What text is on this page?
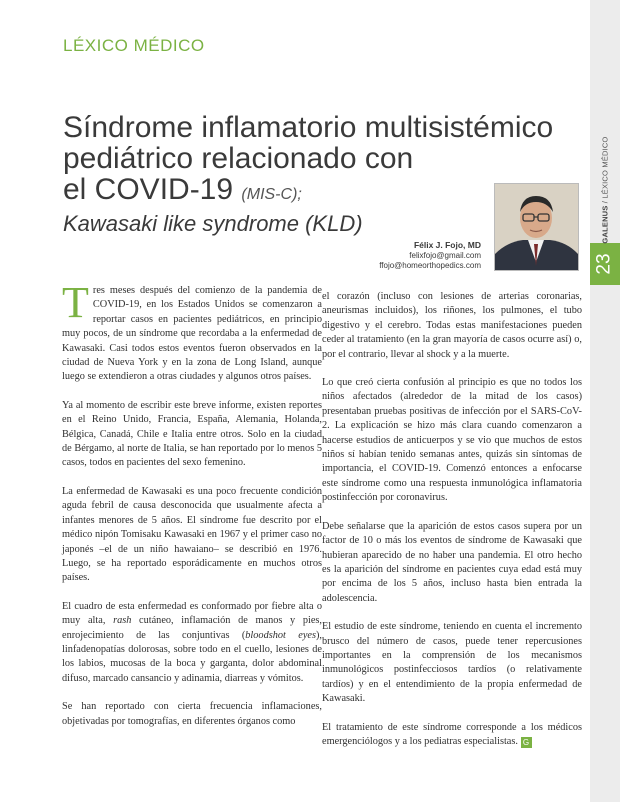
23
GALENUS / LÉXICO MÉDICO
LÉXICO MÉDICO
Síndrome inflamatorio multisistémico
pediátrico relacionado con
el COVID-19 (MIS-C);
Kawasaki like syndrome (KLD)
Félix J. Fojo, MD
felixfojo@gmail.com
ffojo@homeorthopedics.com

Tres meses después del comienzo de la pandemia de COVID-19, en los Estados Unidos se comenzaron a reportar casos en pacientes pediátricos, en principio muy pocos, de un síndrome que recordaba a la enfermedad de Kawasaki. Casi todos estos eventos fueron observados en la ciudad de Nueva York y en la zona de Long Island, aunque luego se extendieron a otras ciudades y algunos otros países.

Ya al momento de escribir este breve informe, existen reportes en el Reino Unido, Francia, España, Alemania, Holanda, Bélgica, Canadá, Chile e Italia entre otros. Solo en la ciudad de Bérgamo, al norte de Italia, se han reportado por lo menos 5 casos, todos en pacientes del sexo femenino.

La enfermedad de Kawasaki es una poco frecuente condición aguda febril de causa desconocida que usualmente afecta a infantes menores de 5 años. El síndrome fue descrito por el médico nipón Tomisaku Kawasaki en 1967 y el primer caso no japonés –el de un niño hawaiano– se describió en 1976. Luego, se ha reportado esporádicamente en muchos otros países.

El cuadro de esta enfermedad es conformado por fiebre alta o muy alta, rash cutáneo, inflamación de manos y pies, enrojecimiento de las conjuntivas (bloodshot eyes), linfadenopatías dolorosas, sobre todo en el cuello, lesiones de los labios, mucosas de la boca y garganta, dolor abdominal difuso, marcado cansancio y adinamia, diarreas y vómitos.

Se han reportado con cierta frecuencia inflamaciones, objetivadas por tomografías, en diferentes órganos como

el corazón (incluso con lesiones de arterias coronarias, aneurismas incluidos), los riñones, los pulmones, el tubo digestivo y el cerebro. Todas estas manifestaciones pueden ceder al tratamiento (en la gran mayoría de casos ocurre así) o, por el contrario, llevar al shock y a la muerte.

Lo que creó cierta confusión al principio es que no todos los niños afectados (alrededor de la mitad de los casos) presentaban pruebas positivas de infección por el SARS-CoV-2. La explicación se hizo más clara cuando comenzaron a hacerse estudios de anticuerpos y se vio que muchos de estos niños sí habían tenido semanas antes, quizás sin síntomas de importancia, el COVID-19. Comenzó entonces a enfocarse este síndrome como una respuesta inmunológica inflamatoria postinfección por coronavirus.

Debe señalarse que la aparición de estos casos supera por un factor de 10 o más los eventos de síndrome de Kawasaki que hubieran aparecido de no haber una pandemia. El otro hecho es la aparición del síndrome en pacientes cuya edad está muy por encima de los 5 años, incluso hasta bien entrada la adolescencia.

El estudio de este síndrome, teniendo en cuenta el incremento brusco del número de casos, puede tener repercusiones importantes en la comprensión de los mecanismos inmunológicos postinfecciosos tardíos (o relativamente tardíos) y en el entendimiento de la propia enfermedad de Kawasaki.

El tratamiento de este síndrome corresponde a los médicos emergenciólogos y a los pediatras especialistas. G
